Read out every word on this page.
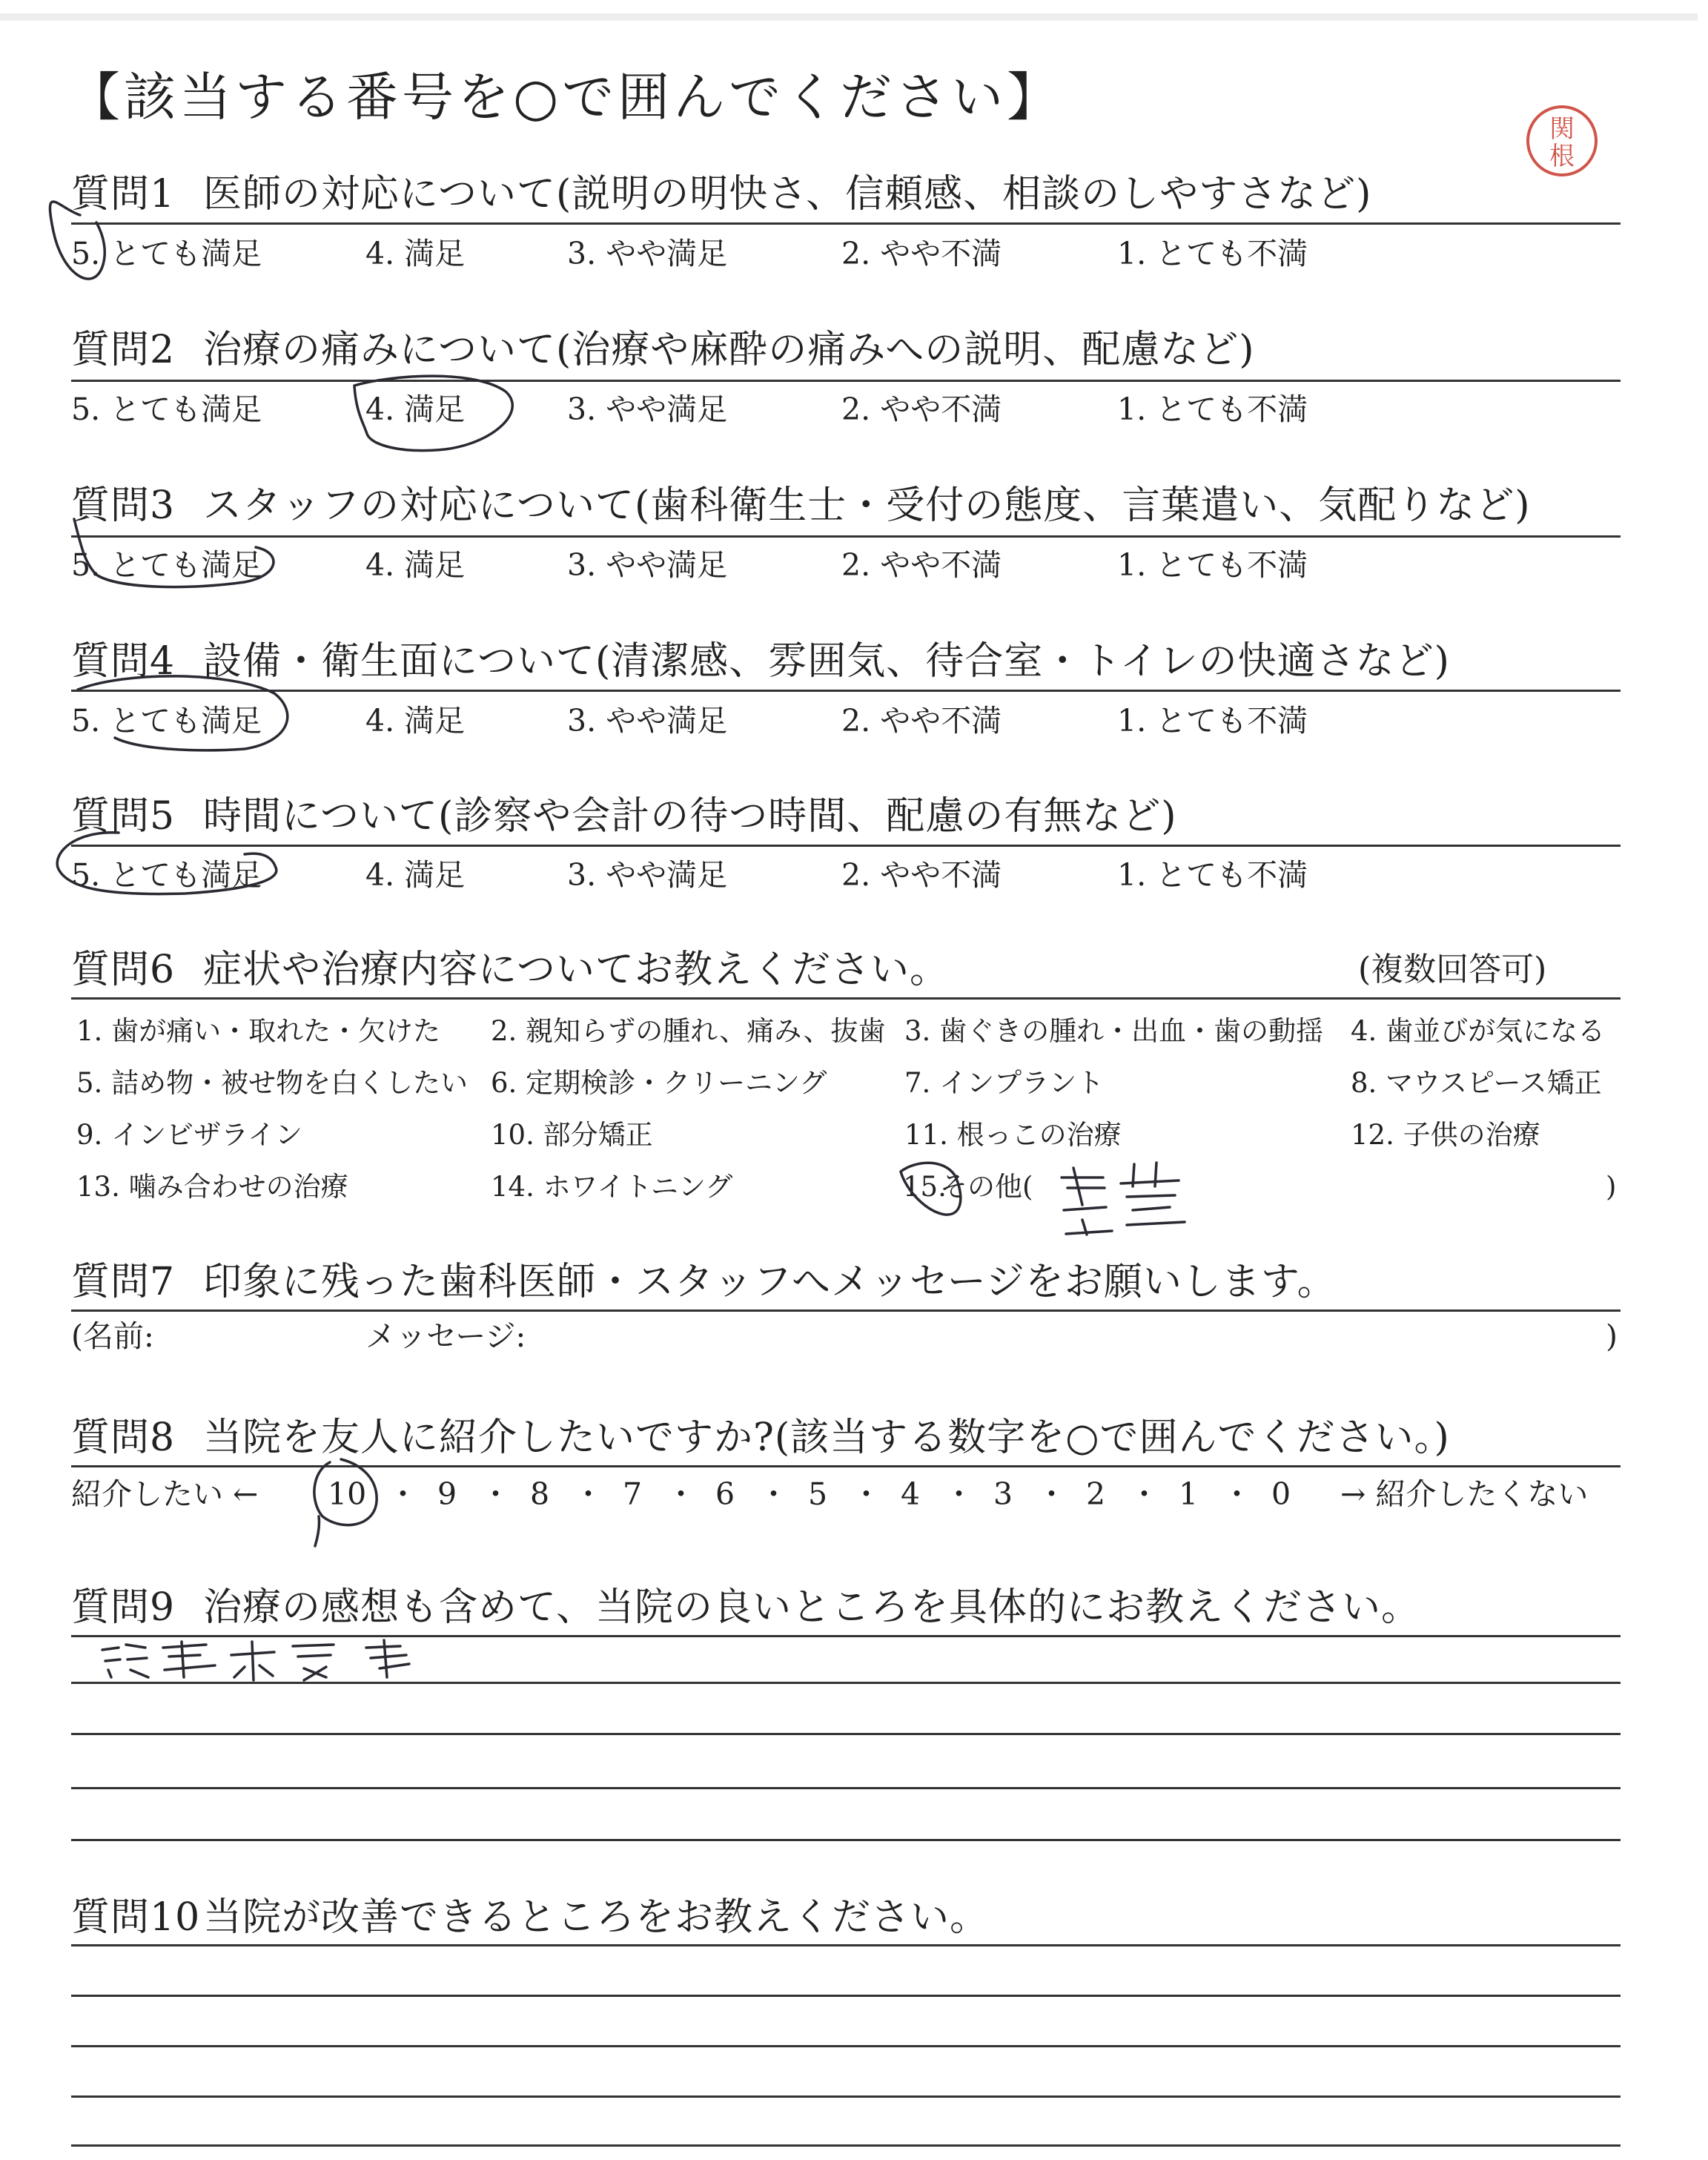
【該当する番号を○で囲んでください】
関
根
質問1 医師の対応について(説明の明快さ、信頼感、相談のしやすさなど)
5. とても満足	4. 満足	3. やや満足	2. やや不満	1. とても不満
質問2 治療の痛みについて(治療や麻酔の痛みへの説明、配慮など)
5. とても満足	4. 満足	3. やや満足	2. やや不満	1. とても不満
質問3 スタッフの対応について(歯科衛生士・受付の態度、言葉遣い、気配りなど)
5. とても満足	4. 満足	3. やや満足	2. やや不満	1. とても不満
質問4 設備・衛生面について(清潔感、雰囲気、待合室・トイレの快適さなど)
5. とても満足	4. 満足	3. やや満足	2. やや不満	1. とても不満
質問5 時間について(診察や会計の待つ時間、配慮の有無など)
5. とても満足	4. 満足	3. やや満足	2. やや不満	1. とても不満
質問6 症状や治療内容についてお教えください。	(複数回答可)
1. 歯が痛い・取れた・欠けた 2. 親知らずの腫れ、痛み、抜歯 3. 歯ぐきの腫れ・出血・歯の動揺 4. 歯並びが気になる
5. 詰め物・被せ物を白くしたい 6. 定期検診・クリーニング	7. インプラント	8. マウスピース矯正
9. インビザライン	10. 部分矯正	11. 根っこの治療	12. 子供の治療
13. 噛み合わせの治療	14. ホワイトニング	15.
その他(	)
質問7 印象に残った歯科医師・スタッフへメッセージをお願いします。
(名前:	メッセージ:	)
質問8 当院を友人に紹介したいですか?(該当する数字を○で囲んでください。)
紹介したい ← 10 ・ 9 ・ 8 ・ 7 ・ 6 ・ 5 ・ 4 ・ 3 ・ 2 ・ 1 ・ 0 → 紹介したくない
質問9 治療の感想も含めて、当院の良いところを具体的にお教えください。
質問10当院が改善できるところをお教えください。
